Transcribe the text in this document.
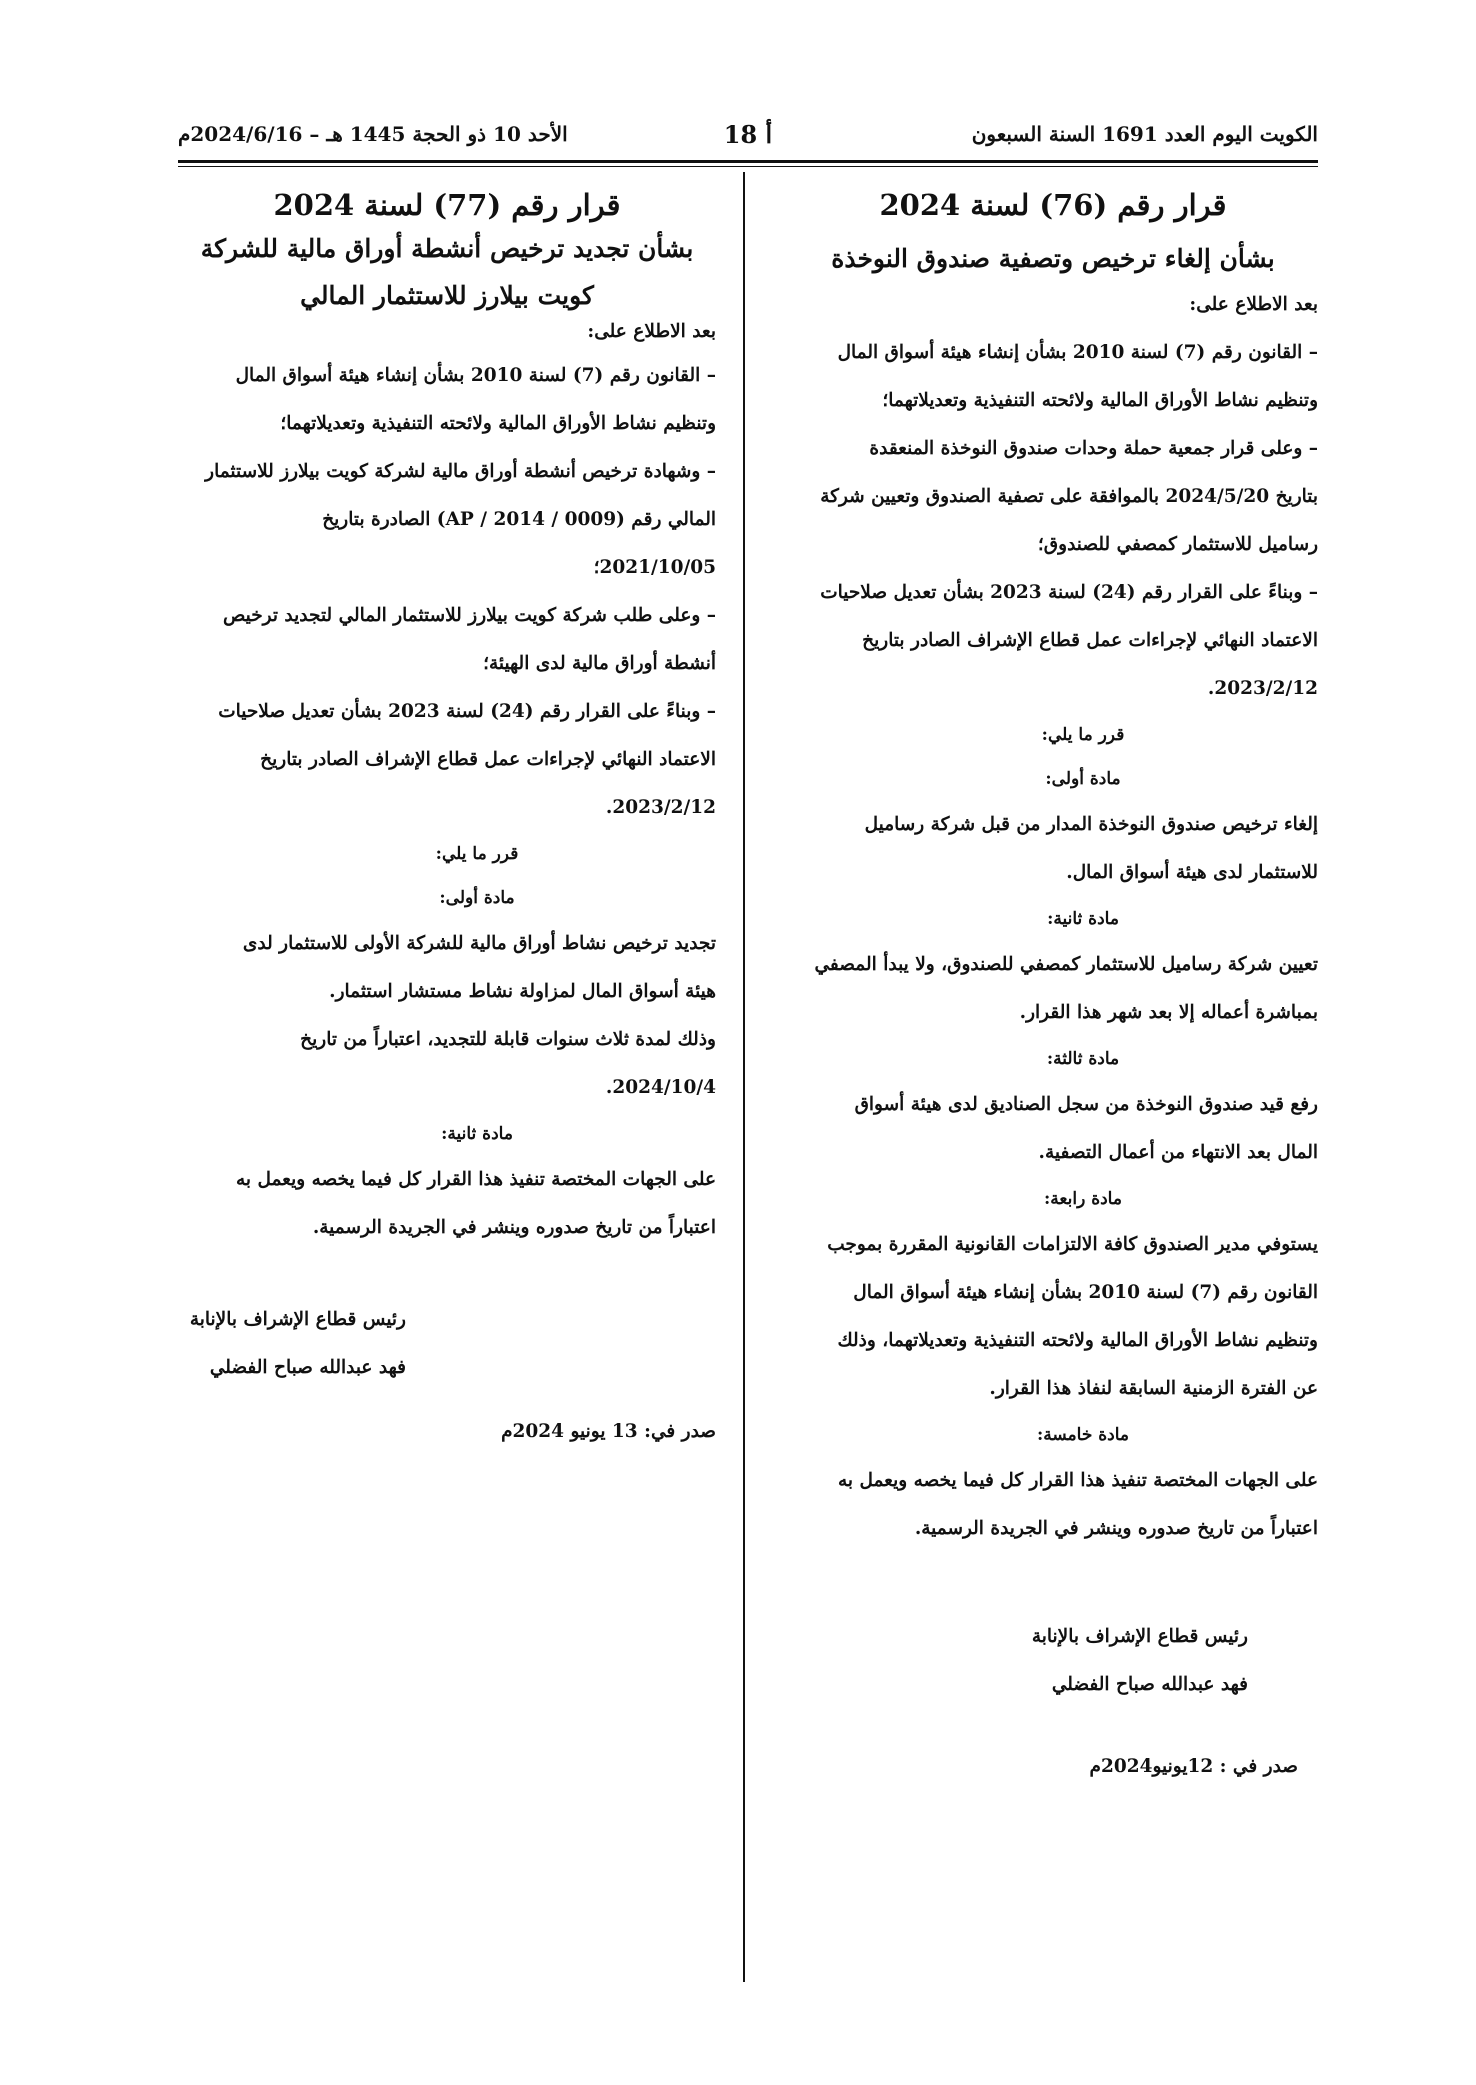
الكويت اليوم العدد 1691 السنة السبعون
أ 18
الأحد 10 ذو الحجة 1445 هـ – 2024/6/16م

قرار رقم (76) لسنة 2024

بشأن إلغاء ترخيص وتصفية صندوق النوخذة

بعد الاطلاع على:

– القانون رقم (7) لسنة 2010 بشأن إنشاء هيئة أسواق المال

وتنظيم نشاط الأوراق المالية ولائحته التنفيذية وتعديلاتهما؛

– وعلى قرار جمعية حملة وحدات صندوق النوخذة المنعقدة

بتاريخ 2024/5/20 بالموافقة على تصفية الصندوق وتعيين شركة

رساميل للاستثمار كمصفي للصندوق؛

– وبناءً على القرار رقم (24) لسنة 2023 بشأن تعديل صلاحيات

الاعتماد النهائي لإجراءات عمل قطاع الإشراف الصادر بتاريخ

2023/2/12.

قرر ما يلي:

مادة أولى:

إلغاء ترخيص صندوق النوخذة المدار من قبل شركة رساميل

للاستثمار لدى هيئة أسواق المال.

مادة ثانية:

تعيين شركة رساميل للاستثمار كمصفي للصندوق، ولا يبدأ المصفي

بمباشرة أعماله إلا بعد شهر هذا القرار.

مادة ثالثة:

رفع قيد صندوق النوخذة من سجل الصناديق لدى هيئة أسواق

المال بعد الانتهاء من أعمال التصفية.

مادة رابعة:

يستوفي مدير الصندوق كافة الالتزامات القانونية المقررة بموجب

القانون رقم (7) لسنة 2010 بشأن إنشاء هيئة أسواق المال

وتنظيم نشاط الأوراق المالية ولائحته التنفيذية وتعديلاتهما، وذلك

عن الفترة الزمنية السابقة لنفاذ هذا القرار.

مادة خامسة:

على الجهات المختصة تنفيذ هذا القرار كل فيما يخصه ويعمل به

اعتباراً من تاريخ صدوره وينشر في الجريدة الرسمية.

رئيس قطاع الإشراف بالإنابة

فهد عبدالله صباح الفضلي

صدر في : 12يونيو2024م

قرار رقم (77) لسنة 2024

بشأن تجديد ترخيص أنشطة أوراق مالية للشركة

كويت بيلارز للاستثمار المالي

بعد الاطلاع على:

– القانون رقم (7) لسنة 2010 بشأن إنشاء هيئة أسواق المال

وتنظيم نشاط الأوراق المالية ولائحته التنفيذية وتعديلاتهما؛

– وشهادة ترخيص أنشطة أوراق مالية لشركة كويت بيلارز للاستثمار

المالي رقم (0009 / 2014 / AP) الصادرة بتاريخ

2021/10/05؛

– وعلى طلب شركة كويت بيلارز للاستثمار المالي لتجديد ترخيص

أنشطة أوراق مالية لدى الهيئة؛

– وبناءً على القرار رقم (24) لسنة 2023 بشأن تعديل صلاحيات

الاعتماد النهائي لإجراءات عمل قطاع الإشراف الصادر بتاريخ

2023/2/12.

قرر ما يلي:

مادة أولى:

تجديد ترخيص نشاط أوراق مالية للشركة الأولى للاستثمار لدى

هيئة أسواق المال لمزاولة نشاط مستشار استثمار.

وذلك لمدة ثلاث سنوات قابلة للتجديد، اعتباراً من تاريخ

2024/10/4.

مادة ثانية:

على الجهات المختصة تنفيذ هذا القرار كل فيما يخصه ويعمل به

اعتباراً من تاريخ صدوره وينشر في الجريدة الرسمية.

رئيس قطاع الإشراف بالإنابة

فهد عبدالله صباح الفضلي

صدر في: 13 يونيو 2024م
